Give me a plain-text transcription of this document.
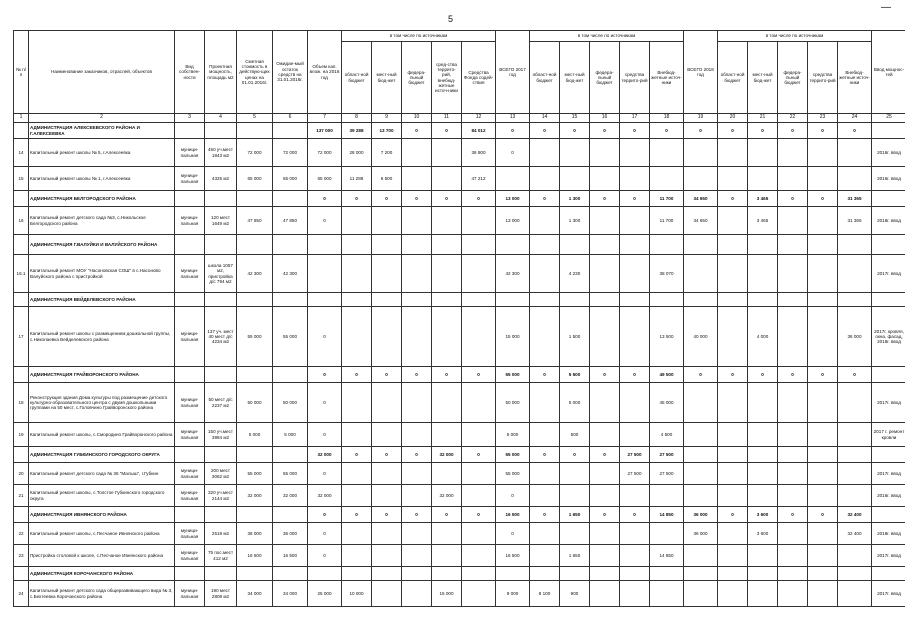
5
—
№ п/п	Наименование заказчиков, отраслей, объектов	Вид собствен-ности	Проектная мощность, площадь м2	Сметная стоимость в действую-щих ценах на 01.01.2016г.	Ожидае-мый остаток средств на 31.01.2016г.	Объем кап. влож. на 2016 год	в том числе по источникам					ВСЕГО 2017 год	в том числе по источникам					ВСЕГО 2018 год	в том числе по источникам					Ввод мощнос-тей
							област-ной бюджет	мест-ный бюд-жет	федера-льный бюджет	сред-ства террито-рий, внебюд-жетные источ-ники	Средства Фонда содей-ствия		област-ной бюджет	мест-ный бюд-жет	федера-льный бюджет	средства террито-рий	Внебюд-жетные источ-ники		област-ной бюджет	мест-ный бюд-жет	федера-льный бюджет	средства террито-рий	Внебюд-жетные источ-ники	
1	2	3	4	5	6	7	8	9	10	11	12	13	14	15	16	17	18	19	20	21	22	23	24	25
	АДМИНИСТРАЦИЯ АЛЕКСЕЕВСКОГО РАЙОНА И Г.АЛЕКСЕЕВКА					137 000	39 288	13 700	0	0	84 012	0	0	0	0	0	0	0	0	0	0	0	0	
14	Капитальный ремонт школы № 5, г.Алексеевка	муници-пальная	450 уч.мест 1843 м2	72 000	72 000	72 000	28 000	7 200			36 800	0												2016г. ввод
15	Капитальный ремонт школы № 1, г.Алексеевка	муници-пальная	4325 м2	65 000	65 000	65 000	11 288	6 500			47 212													2016г. ввод
	АДМИНИСТРАЦИЯ БЕЛГОРОДСКОГО РАЙОНА					0	0	0	0	0	0	13 000	0	1 300	0	0	11 700	34 650	0	3 465	0	0	31 365	
16	Капитальный ремонт детского сада №3, с.Никольское Белгородского района	муници-пальная	120 мест 1649 м2	47 850	47 850	0						13 000		1 300			11 700	34 650		3 465			31 365	2018г. ввод
	АДМИНИСТРАЦИЯ Г.ВАЛУЙКИ И ВАЛУЙСКОГО РАЙОНА																							
16.1	Капитальный ремонт МОУ "Насоновская СОШ" в с.Насоново Валуйского района с пристройкой	муници-пальная	школа 1057 м2, пристройка д/с 794 м2	42 300	42 300							42 300		4 230			38 070							2017г. ввод
	АДМИНИСТРАЦИЯ ВЕЙДЕЛЕВСКОГО РАЙОНА																							
17	Капитальный ремонт школы с размещением дошкольной группы, с.Николаевка Вейделевского района	муници-пальная	137 уч. мест 40 мест д/с 4234 м2	55 000	55 000	0						15 000		1 500			13 500	40 000		4 000			36 000	2017г. кровля, окна, фасад, 2018г. ввод
	АДМИНИСТРАЦИЯ ГРАЙВОРОНСКОГО РАЙОНА					0	0	0	0	0	0	55 000	0	5 500	0	0	49 500	0	0	0	0	0	0	
18	Реконструкция здания Дома культуры под размещение детского культурно-образовательного центра с двумя дошкольными группами на 50 мест, с.Головчино Грайворонского района	муници-пальная	50 мест д/с 2237 м2	50 000	50 000	0						50 000		5 000			45 000							2017г. ввод
19	Капитальный ремонт школы, с.Смородино Грайворонского района	муници-пальная	150 уч.мест 3984 м2	5 000	5 000	0						5 000		500			4 500							2017 г. ремонт кровли
	АДМИНИСТРАЦИЯ ГУБКИНСКОГО ГОРОДСКОГО ОКРУГА					32 000	0	0	0	32 000	0	55 000	0	0	0	27 500	27 500							
20	Капитальный ремонт детского сада № 36 "Малыш", г.Губкин	муници-пальная	200 мест 3062 м2	55 000	55 000	0						55 000				27 500	27 500							2017г. ввод
21	Капитальный ремонт школы, с.Толстое Губкинского городского округа	муници-пальная	320 уч.мест 2144 м2	32 000	32 000	32 000				32 000		0												2016г. ввод
	АДМИНИСТРАЦИЯ ИВНЯНСКОГО РАЙОНА					0	0	0	0	0	0	16 500	0	1 650	0	0	14 850	36 000	0	3 600	0	0	32 400	
22	Капитальный ремонт школы, с.Песчаное Ивнянского района	муници-пальная	2519 м2	36 000	36 000	0						0						36 000		3 600			32 400	2018г. ввод
23	Пристройка столовой к школе, с.Песчаное Ивнянского района	муници-пальная	75 пос.мест 412 м2	16 500	16 500	0						16 500		1 650			14 850							2017г. ввод
	АДМИНИСТРАЦИЯ КОРОЧАНСКОГО РАЙОНА																							
24	Капитальный ремонт детского сада общеразвивающего вида № 3, с.Бехтеевка Корочанского района	муници-пальная	190 мест 2808 м2	34 000	34 000	25 000	10 000			15 000		9 000	8 100	900										2017г. ввод
